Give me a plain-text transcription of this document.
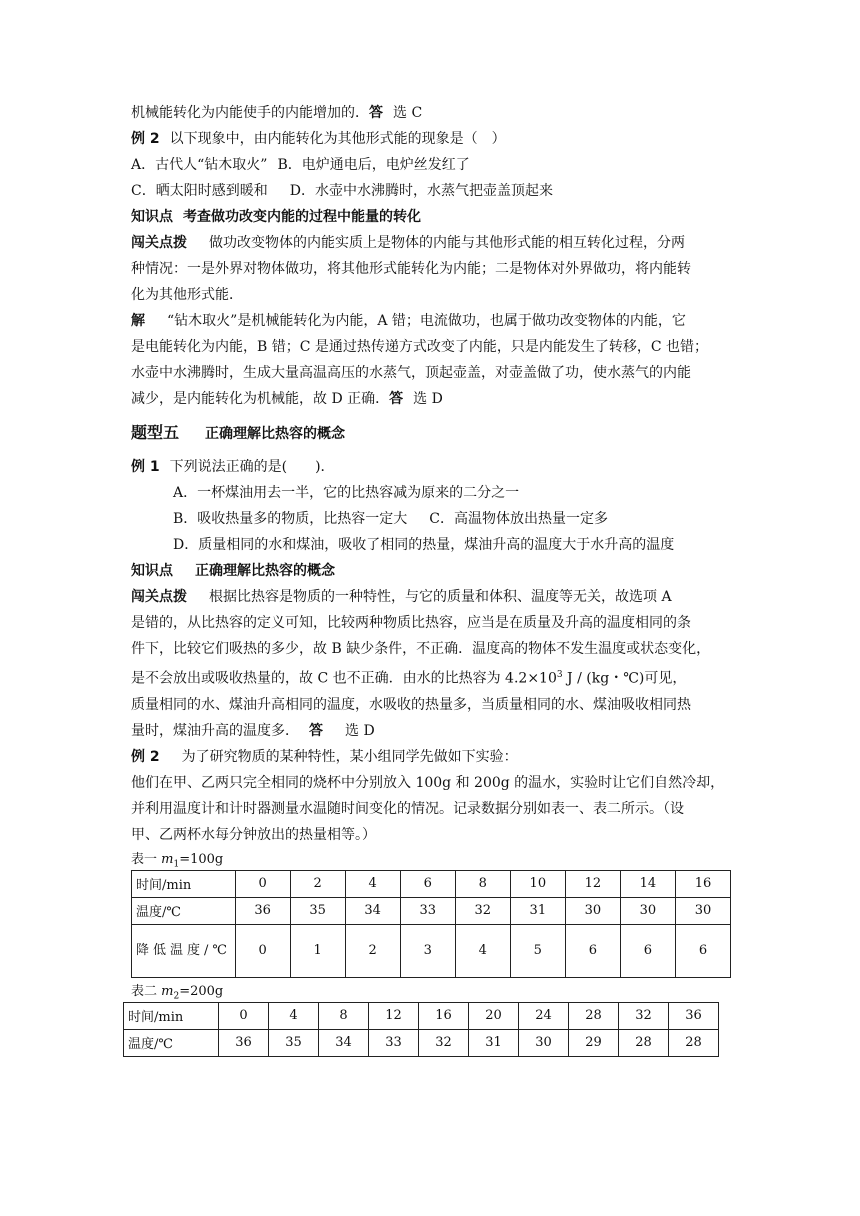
机械能转化为内能使手的内能增加的．答 选 C

例 2 以下现象中，由内能转化为其他形式能的现象是（　）

A．古代人“钻木取火” B．电炉通电后，电炉丝发红了

C．晒太阳时感到暖和 D．水壶中水沸腾时，水蒸气把壶盖顶起来

知识点 考查做功改变内能的过程中能量的转化

闯关点拨 做功改变物体的内能实质上是物体的内能与其他形式能的相互转化过程，分两
种情况：一是外界对物体做功，将其他形式能转化为内能；二是物体对外界做功，将内能转
化为其他形式能．

解 “钻木取火”是机械能转化为内能，A 错；电流做功，也属于做功改变物体的内能，它
是电能转化为内能，B 错；C 是通过热传递方式改变了内能，只是内能发生了转移，C 也错；
水壶中水沸腾时，生成大量高温高压的水蒸气，顶起壶盖，对壶盖做了功，使水蒸气的内能
减少，是内能转化为机械能，故 D 正确．答 选 D

题型五 正确理解比热容的概念

例 1 下列说法正确的是(　　)．

A．一杯煤油用去一半，它的比热容减为原来的二分之一

B．吸收热量多的物质，比热容一定大 C．高温物体放出热量一定多

D．质量相同的水和煤油，吸收了相同的热量，煤油升高的温度大于水升高的温度

知识点 正确理解比热容的概念

闯关点拨 根据比热容是物质的一种特性，与它的质量和体积、温度等无关，故选项 A
是错的，从比热容的定义可知，比较两种物质比热容，应当是在质量及升高的温度相同的条
件下，比较它们吸热的多少，故 B 缺少条件，不正确．温度高的物体不发生温度或状态变化，
是不会放出或吸收热量的，故 C 也不正确．由水的比热容为 $4.2\times 10^3$ J / (kg・℃)可见，
质量相同的水、煤油升高相同的温度，水吸收的热量多，当质量相同的水、煤油吸收相同热
量时，煤油升高的温度多． 答 选 D

例 2 为了研究物质的某种特性，某小组同学先做如下实验：

他们在甲、乙两只完全相同的烧杯中分别放入 100g 和 200g 的温水，实验时让它们自然冷却，
并利用温度计和计时器测量水温随时间变化的情况。记录数据分别如表一、表二所示。（设
甲、乙两杯水每分钟放出的热量相等。）

表一 $m_1=100g$
时间/min	0	2	4	6	8	10	12	14	16
温度/℃	36	35	34	33	32	31	30	30	30
降低温度/℃	0	1	2	3	4	5	6	6	6
表二 $m_2=200g$
时间/min	0	4	8	12	16	20	24	28	32	36
温度/℃	36	35	34	33	32	31	30	29	28	28
